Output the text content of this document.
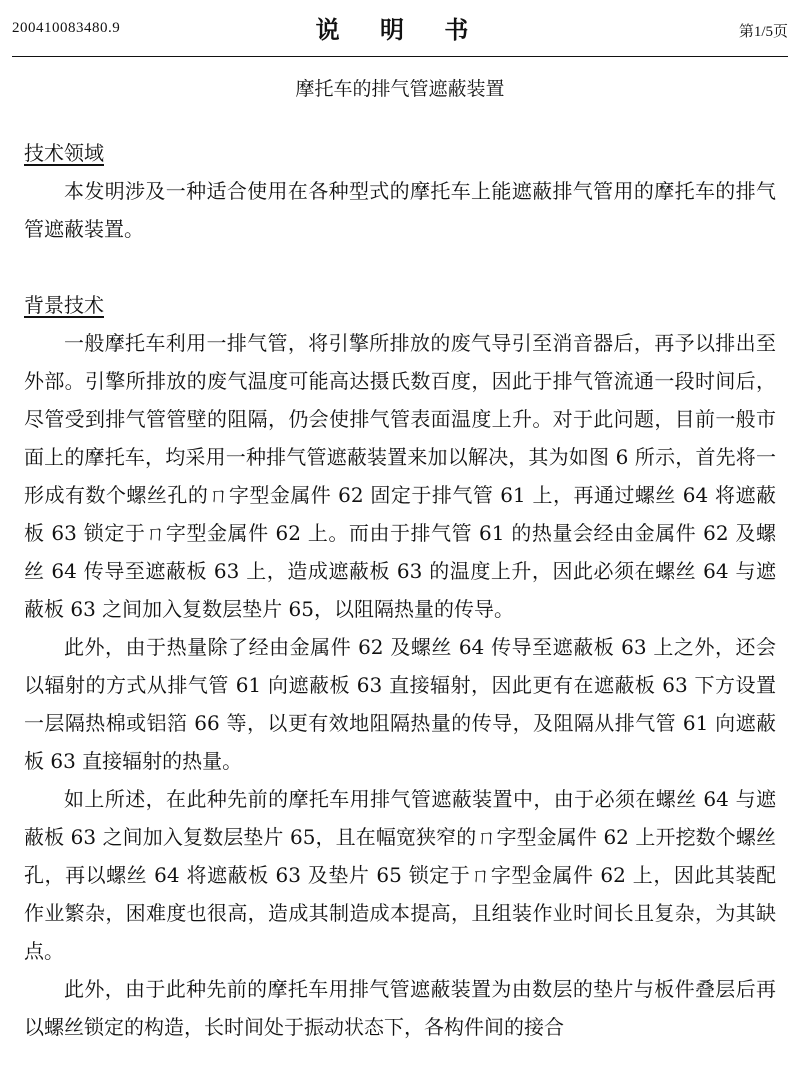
200410083480.9	说 明 书	第1/5页
摩托车的排气管遮蔽装置
技术领域

本发明涉及一种适合使用在各种型式的摩托车上能遮蔽排气管用的摩托车的排气管遮蔽装置。

背景技术

一般摩托车利用一排气管，将引擎所排放的废气导引至消音器后，再予以排出至外部。引擎所排放的废气温度可能高达摄氏数百度，因此于排气管流通一段时间后，尽管受到排气管管壁的阻隔，仍会使排气管表面温度上升。对于此问题，目前一般市面上的摩托车，均采用一种排气管遮蔽装置来加以解决，其为如图 6 所示，首先将一形成有数个螺丝孔的ㄇ字型金属件 62 固定于排气管 61 上，再通过螺丝 64 将遮蔽板 63 锁定于ㄇ字型金属件 62 上。而由于排气管 61 的热量会经由金属件 62 及螺丝 64 传导至遮蔽板 63 上，造成遮蔽板 63 的温度上升，因此必须在螺丝 64 与遮蔽板 63 之间加入复数层垫片 65，以阻隔热量的传导。

此外，由于热量除了经由金属件 62 及螺丝 64 传导至遮蔽板 63 上之外，还会以辐射的方式从排气管 61 向遮蔽板 63 直接辐射，因此更有在遮蔽板 63 下方设置一层隔热棉或铝箔 66 等，以更有效地阻隔热量的传导，及阻隔从排气管 61 向遮蔽板 63 直接辐射的热量。

如上所述，在此种先前的摩托车用排气管遮蔽装置中，由于必须在螺丝 64 与遮蔽板 63 之间加入复数层垫片 65，且在幅宽狭窄的ㄇ字型金属件 62 上开挖数个螺丝孔，再以螺丝 64 将遮蔽板 63 及垫片 65 锁定于ㄇ字型金属件 62 上，因此其装配作业繁杂，困难度也很高，造成其制造成本提高，且组装作业时间长且复杂，为其缺点。

此外，由于此种先前的摩托车用排气管遮蔽装置为由数层的垫片与板件叠层后再以螺丝锁定的构造，长时间处于振动状态下，各构件间的接合
